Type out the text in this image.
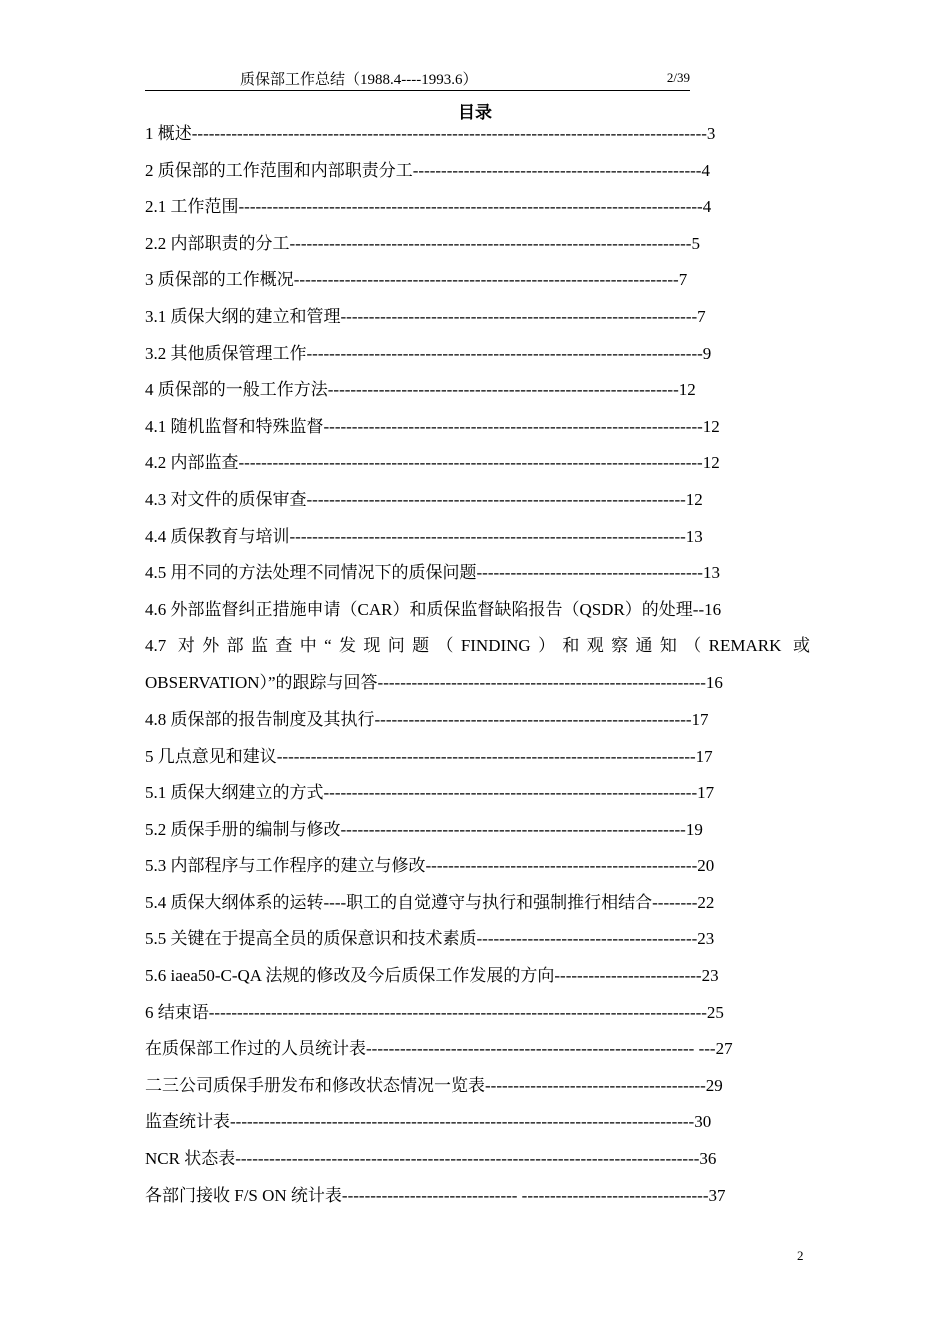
质保部工作总结（1988.4----1993.6）	2/39
目录
1 概述-------------------------------------------------------------------------------------------3
2 质保部的工作范围和内部职责分工---------------------------------------------------4
2.1 工作范围----------------------------------------------------------------------------------4
2.2 内部职责的分工-----------------------------------------------------------------------5
3 质保部的工作概况--------------------------------------------------------------------7
3.1 质保大纲的建立和管理---------------------------------------------------------------7
3.2 其他质保管理工作----------------------------------------------------------------------9
4 质保部的一般工作方法--------------------------------------------------------------12
4.1 随机监督和特殊监督-------------------------------------------------------------------12
4.2 内部监查----------------------------------------------------------------------------------12
4.3 对文件的质保审查-------------------------------------------------------------------12
4.4 质保教育与培训----------------------------------------------------------------------13
4.5 用不同的方法处理不同情况下的质保问题----------------------------------------13
4.6 外部监督纠正措施申请（CAR）和质保监督缺陷报告（QSDR）的处理--16
4.7 对外部监查中“发现问题（FINDING）和观察通知（REMARK 或
OBSERVATION）”的跟踪与回答----------------------------------------------------------16
4.8 质保部的报告制度及其执行--------------------------------------------------------17
5 几点意见和建议--------------------------------------------------------------------------17
5.1 质保大纲建立的方式------------------------------------------------------------------17
5.2 质保手册的编制与修改-------------------------------------------------------------19
5.3 内部程序与工作程序的建立与修改------------------------------------------------20
5.4 质保大纲体系的运转----职工的自觉遵守与执行和强制推行相结合--------22
5.5 关键在于提高全员的质保意识和技术素质---------------------------------------23
5.6 iaea50-C-QA 法规的修改及今后质保工作发展的方向--------------------------23
6 结束语----------------------------------------------------------------------------------------25
在质保部工作过的人员统计表---------------------------------------------------------- ---27
二三公司质保手册发布和修改状态情况一览表---------------------------------------29
监查统计表----------------------------------------------------------------------------------30
NCR 状态表----------------------------------------------------------------------------------36
各部门接收 F/S ON 统计表------------------------------- ---------------------------------37
2
